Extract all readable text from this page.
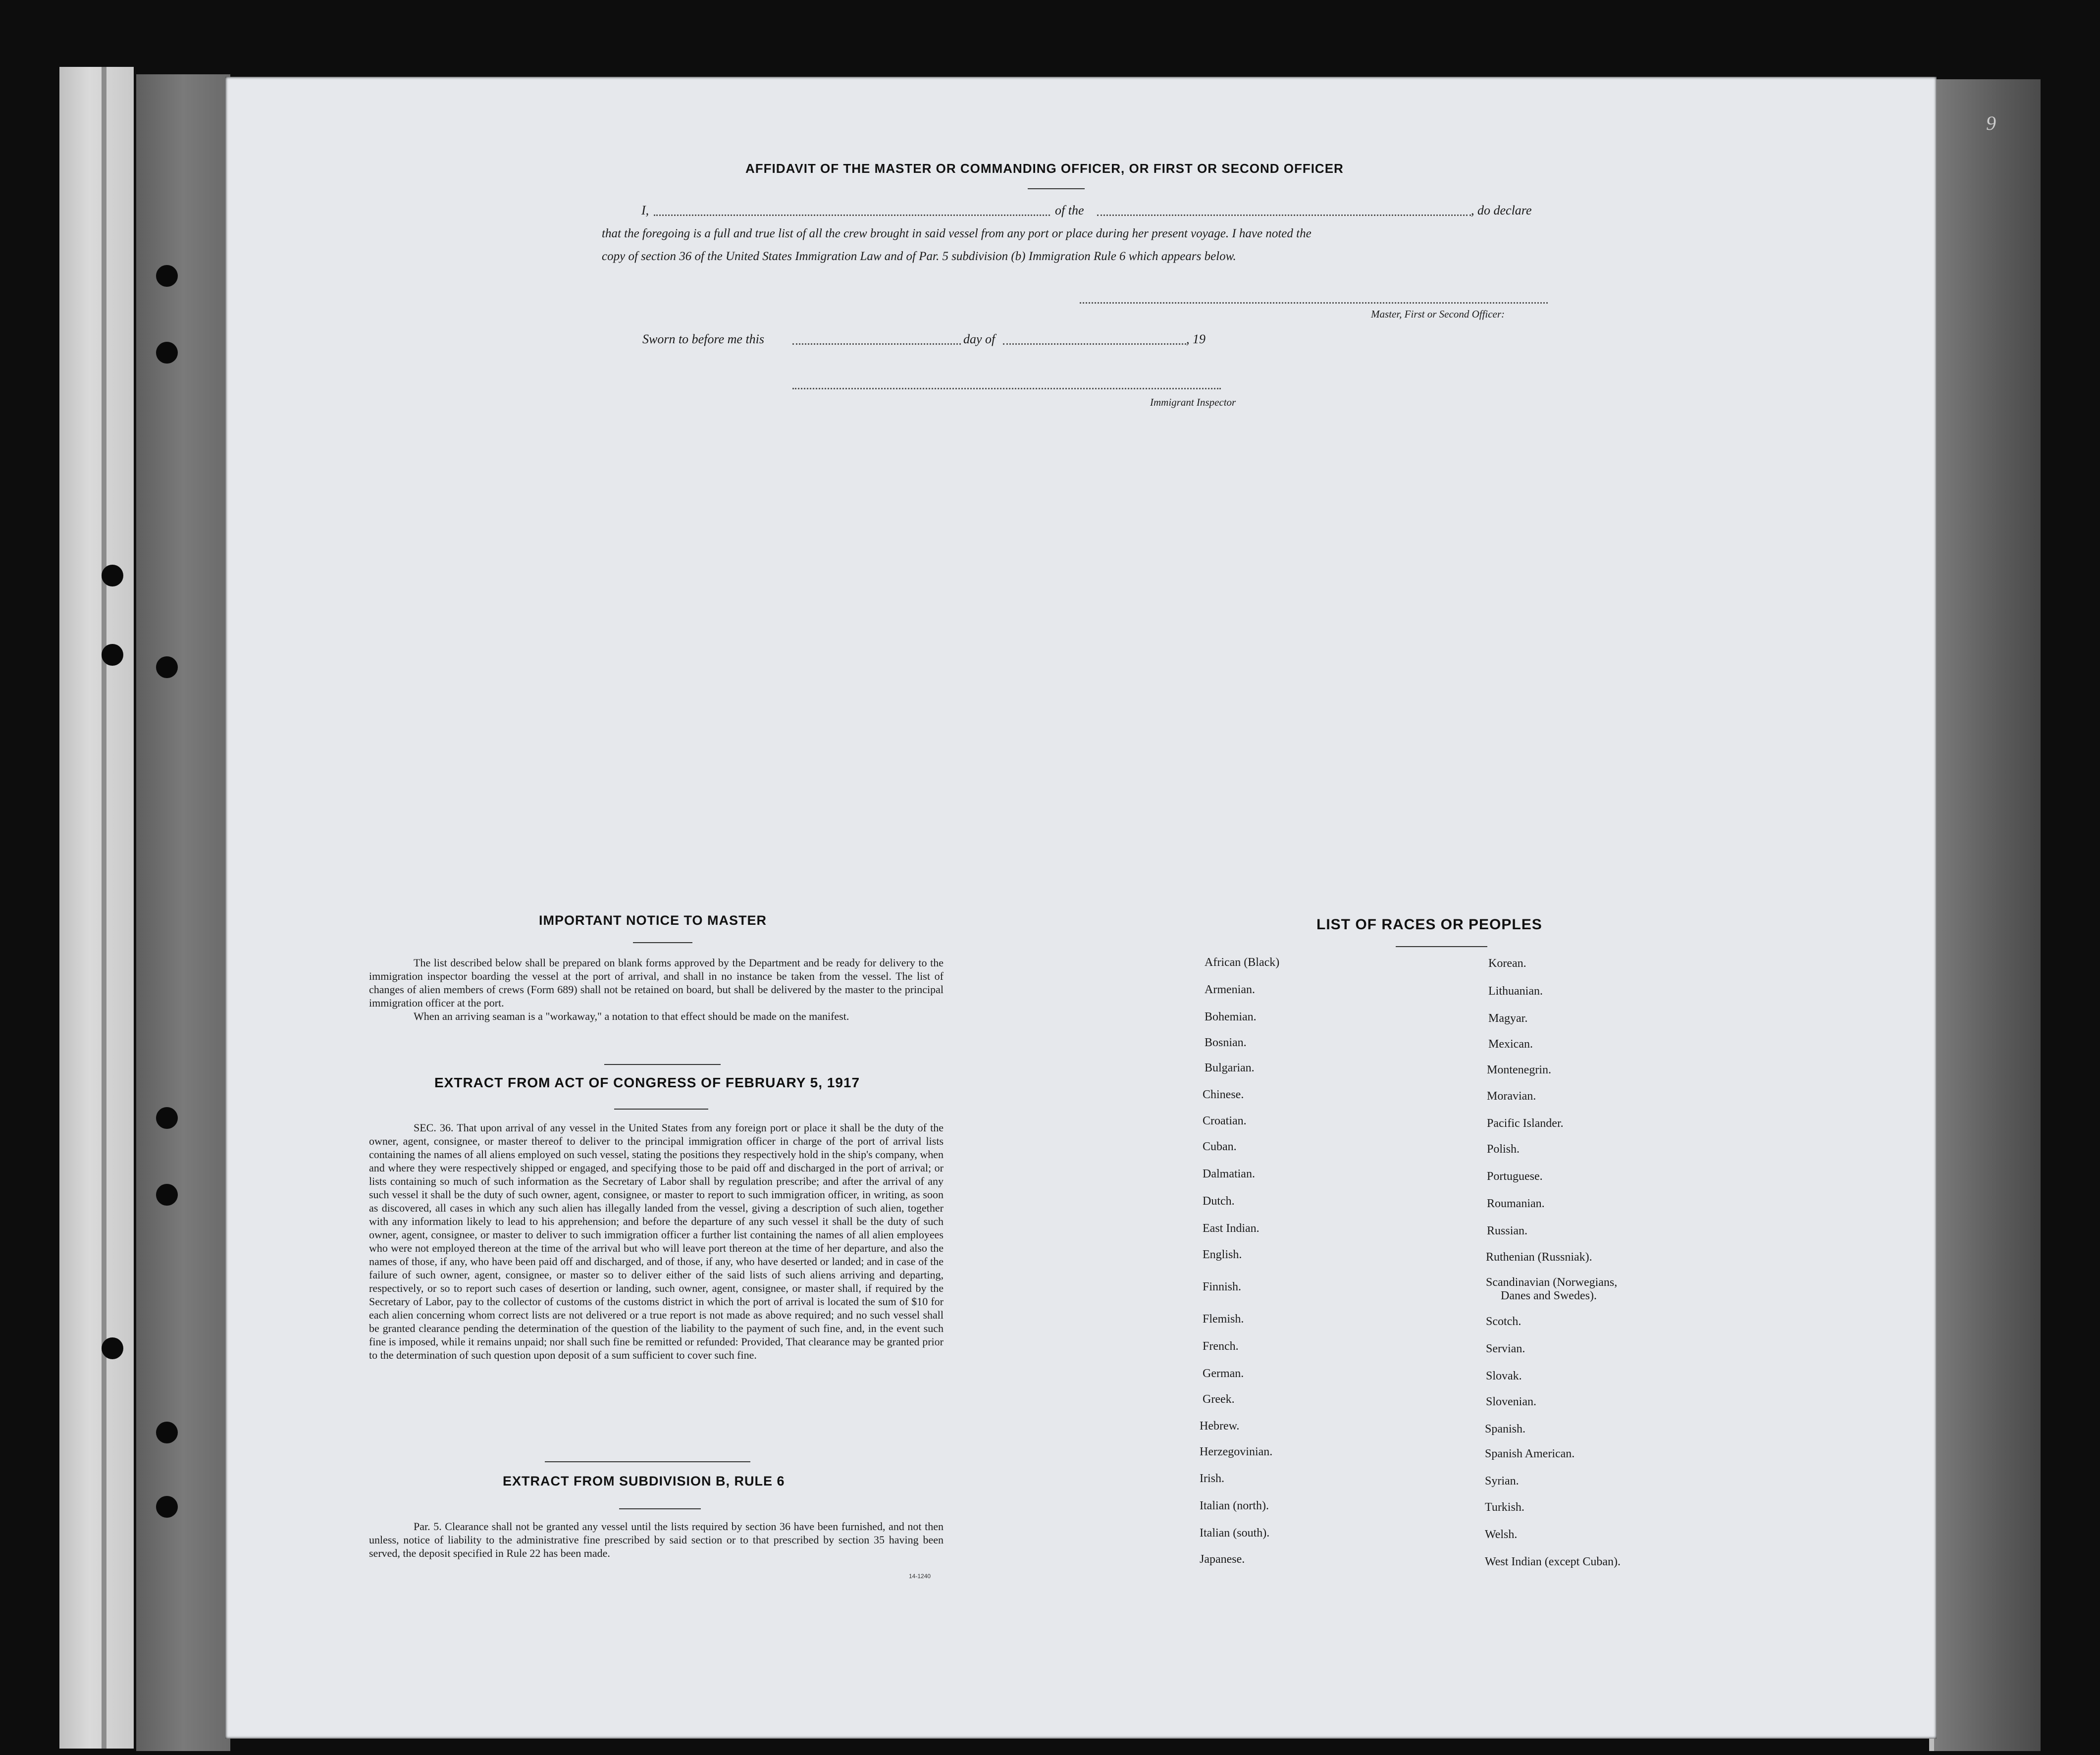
9
AFFIDAVIT OF THE MASTER OR COMMANDING OFFICER, OR FIRST OR SECOND OFFICER
I,	of the	, do declare
that the foregoing is a full and true list of all the crew brought in said vessel from any port or place during her present voyage. I have noted the
copy of section 36 of the United States Immigration Law and of Par. 5 subdivision (b) Immigration Rule 6 which appears below.
Master, First or Second Officer:
Sworn to before me this	day of	, 19
Immigrant Inspector
IMPORTANT NOTICE TO MASTER

The list described below shall be prepared on blank forms approved by the Department and be ready for delivery to the immigration inspector boarding the vessel at the port of arrival, and shall in no instance be taken from the vessel. The list of changes of alien members of crews (Form 689) shall not be retained on board, but shall be delivered by the master to the principal immigration officer at the port.

When an arriving seaman is a "workaway," a notation to that effect should be made on the manifest.

EXTRACT FROM ACT OF CONGRESS OF FEBRUARY 5, 1917
SEC. 36. That upon arrival of any vessel in the United States from any foreign port or place it shall be the duty of the owner, agent, consignee, or master thereof to deliver to the principal immigration officer in charge of the port of arrival lists containing the names of all aliens employed on such vessel, stating the positions they respectively hold in the ship's company, when and where they were respectively shipped or engaged, and specifying those to be paid off and discharged in the port of arrival; or lists containing so much of such information as the Secretary of Labor shall by regulation prescribe; and after the arrival of any such vessel it shall be the duty of such owner, agent, consignee, or master to report to such immigration officer, in writing, as soon as discovered, all cases in which any such alien has illegally landed from the vessel, giving a description of such alien, together with any information likely to lead to his apprehension; and before the departure of any such vessel it shall be the duty of such owner, agent, consignee, or master to deliver to such immigration officer a further list containing the names of all alien employees who were not employed thereon at the time of the arrival but who will leave port thereon at the time of her departure, and also the names of those, if any, who have been paid off and discharged, and of those, if any, who have deserted or landed; and in case of the failure of such owner, agent, consignee, or master so to deliver either of the said lists of such aliens arriving and departing, respectively, or so to report such cases of desertion or landing, such owner, agent, consignee, or master shall, if required by the Secretary of Labor, pay to the collector of customs of the customs district in which the port of arrival is located the sum of $10 for each alien concerning whom correct lists are not delivered or a true report is not made as above required; and no such vessel shall be granted clearance pending the determination of the question of the liability to the payment of such fine, and, in the event such fine is imposed, while it remains unpaid; nor shall such fine be remitted or refunded: Provided, That clearance may be granted prior to the determination of such question upon deposit of a sum sufficient to cover such fine.
EXTRACT FROM SUBDIVISION B, RULE 6
Par. 5. Clearance shall not be granted any vessel until the lists required by section 36 have been furnished, and not then unless, notice of liability to the administrative fine prescribed by said section or to that prescribed by section 35 having been served, the deposit specified in Rule 22 has been made.
14-1240
LIST OF RACES OR PEOPLES
African (Black)
Armenian.
Bohemian.
Bosnian.
Bulgarian.
Chinese.
Croatian.
Cuban.
Dalmatian.
Dutch.
East Indian.
English.
Finnish.
Flemish.
French.
German.
Greek.
Hebrew.
Herzegovinian.
Irish.
Italian (north).
Italian (south).
Japanese.
Korean.
Lithuanian.
Magyar.
Mexican.
Montenegrin.
Moravian.
Pacific Islander.
Polish.
Portuguese.
Roumanian.
Russian.
Ruthenian (Russniak).
Scandinavian (Norwegians,
Danes and Swedes).
Scotch.
Servian.
Slovak.
Slovenian.
Spanish.
Spanish American.
Syrian.
Turkish.
Welsh.
West Indian (except Cuban).
